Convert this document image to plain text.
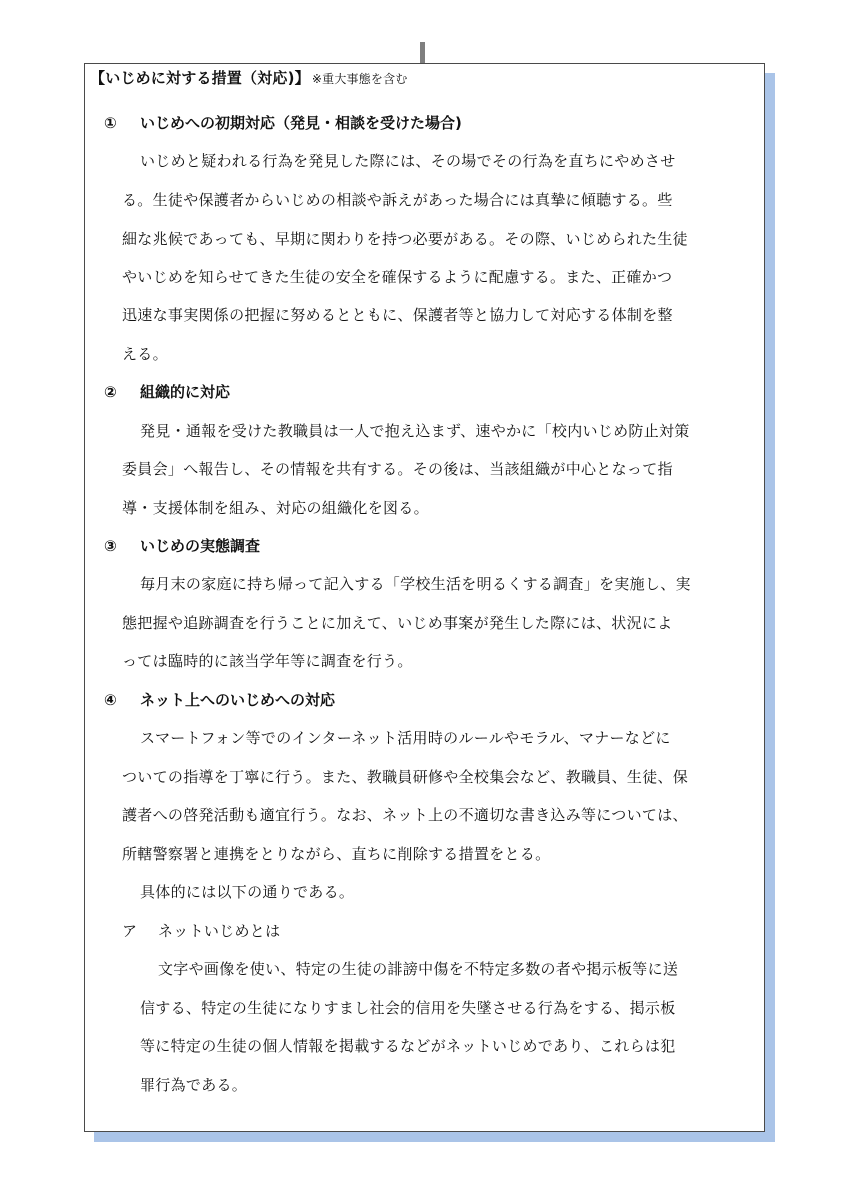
【いじめに対する措置（対応)】 ※重大事態を含む
① いじめへの初期対応（発見・相談を受けた場合)
いじめと疑われる行為を発見した際には、その場でその行為を直ちにやめさせ
る。生徒や保護者からいじめの相談や訴えがあった場合には真摯に傾聴する。些
細な兆候であっても、早期に関わりを持つ必要がある。その際、いじめられた生徒
やいじめを知らせてきた生徒の安全を確保するように配慮する。また、正確かつ
迅速な事実関係の把握に努めるとともに、保護者等と協力して対応する体制を整
える。
② 組織的に対応
発見・通報を受けた教職員は一人で抱え込まず、速やかに「校内いじめ防止対策
委員会」へ報告し、その情報を共有する。その後は、当該組織が中心となって指
導・支援体制を組み、対応の組織化を図る。
③ いじめの実態調査
毎月末の家庭に持ち帰って記入する「学校生活を明るくする調査」を実施し、実
態把握や追跡調査を行うことに加えて、いじめ事案が発生した際には、状況によ
っては臨時的に該当学年等に調査を行う。
④ ネット上へのいじめへの対応
スマートフォン等でのインターネット活用時のルールやモラル、マナーなどに
ついての指導を丁寧に行う。また、教職員研修や全校集会など、教職員、生徒、保
護者への啓発活動も適宜行う。なお、ネット上の不適切な書き込み等については、
所轄警察署と連携をとりながら、直ちに削除する措置をとる。
具体的には以下の通りである。
ア ネットいじめとは
文字や画像を使い、特定の生徒の誹謗中傷を不特定多数の者や掲示板等に送
信する、特定の生徒になりすまし社会的信用を失墜させる行為をする、掲示板
等に特定の生徒の個人情報を掲載するなどがネットいじめであり、これらは犯
罪行為である。
